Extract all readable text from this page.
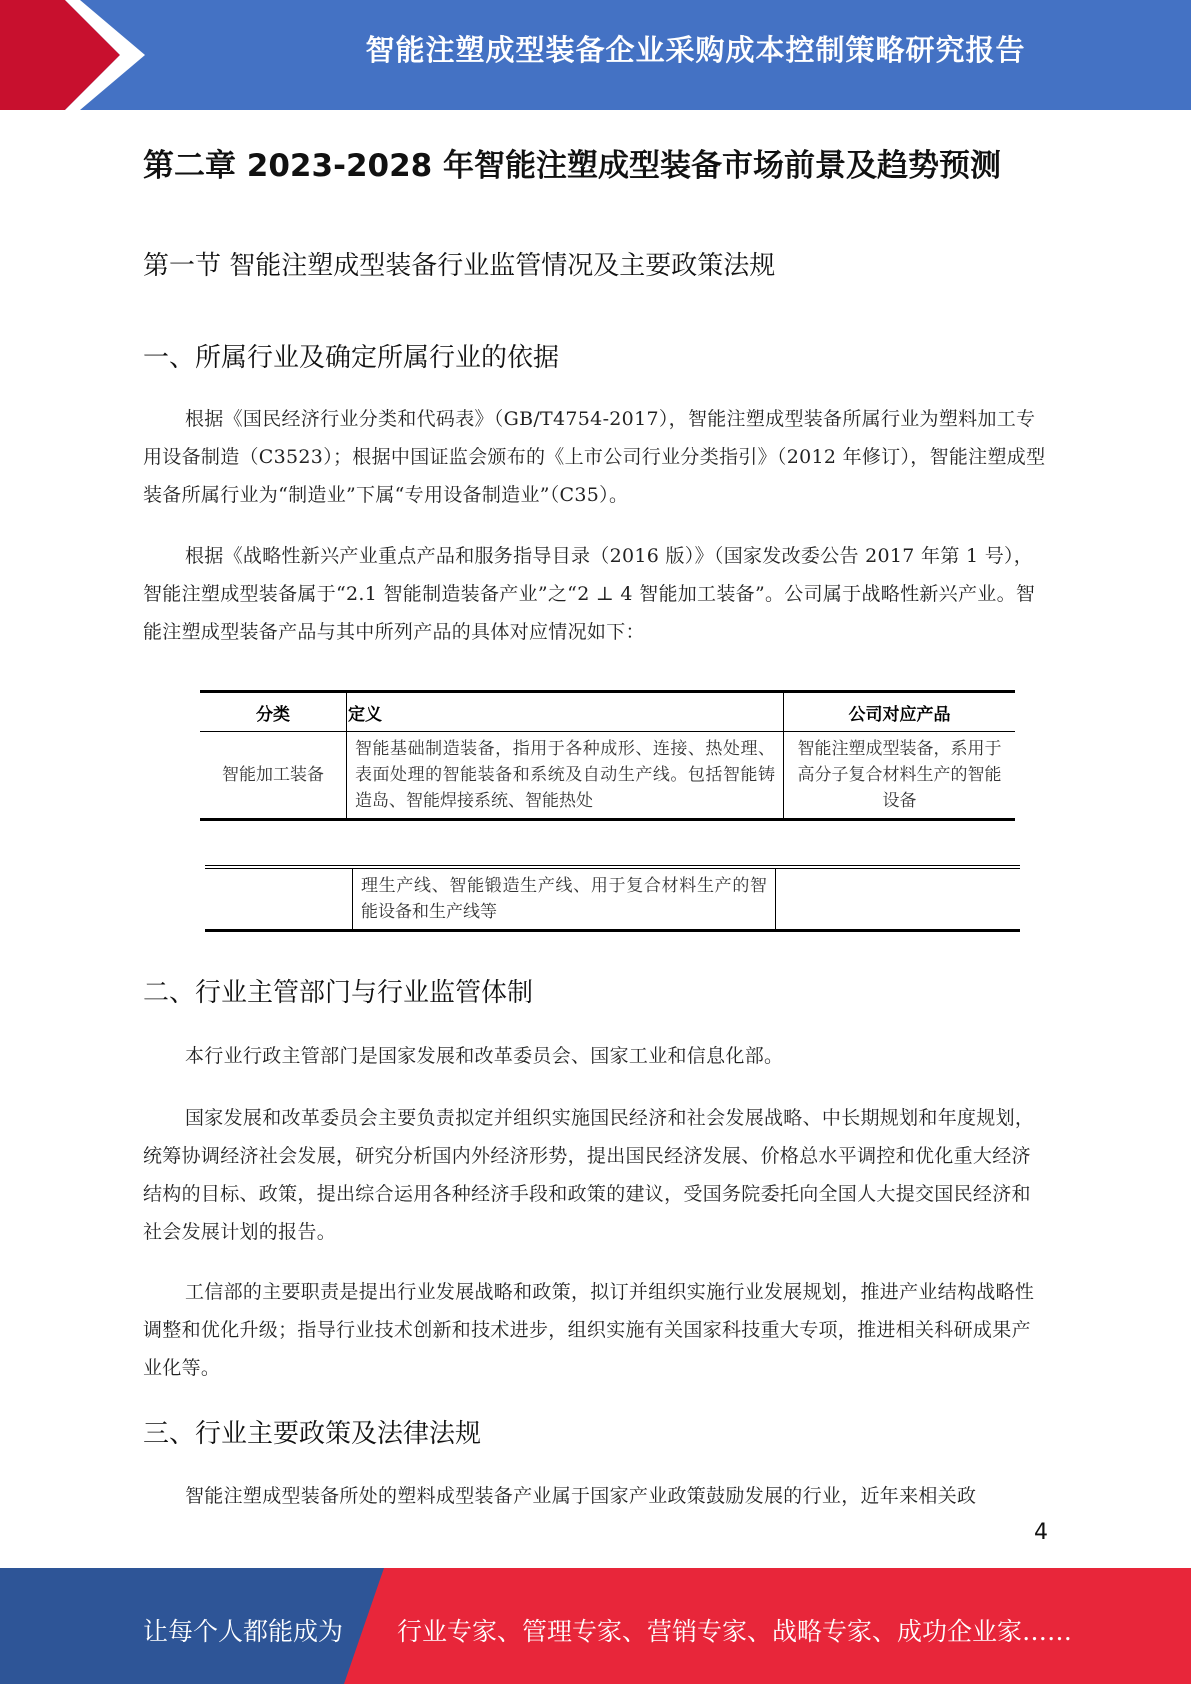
智能注塑成型装备企业采购成本控制策略研究报告
第二章 2023-2028 年智能注塑成型装备市场前景及趋势预测
第一节 智能注塑成型装备行业监管情况及主要政策法规
一、所属行业及确定所属行业的依据

根据《国民经济行业分类和代码表》（GB/T4754-2017），智能注塑成型装备所属行业为塑料加工专用设备制造（C3523）；根据中国证监会颁布的《上市公司行业分类指引》（2012 年修订），智能注塑成型装备所属行业为“制造业”下属“专用设备制造业”（C35）。

根据《战略性新兴产业重点产品和服务指导目录（2016 版）》（国家发改委公告 2017 年第 1 号），智能注塑成型装备属于“2.1 智能制造装备产业”之“2 ⊥ 4 智能加工装备”。公司属于战略性新兴产业。智能注塑成型装备产品与其中所列产品的具体对应情况如下：

分类	定义	公司对应产品
智能加工装备	智能基础制造装备，指用于各种成形、连接、热处理、表面处理的智能装备和系统及自动生产线。包括智能铸造岛、智能焊接系统、智能热处	智能注塑成型装备，系用于高分子复合材料生产的智能设备
	理生产线、智能锻造生产线、用于复合材料生产的智能设备和生产线等	
二、行业主管部门与行业监管体制

本行业行政主管部门是国家发展和改革委员会、国家工业和信息化部。

国家发展和改革委员会主要负责拟定并组织实施国民经济和社会发展战略、中长期规划和年度规划，统筹协调经济社会发展，研究分析国内外经济形势，提出国民经济发展、价格总水平调控和优化重大经济结构的目标、政策，提出综合运用各种经济手段和政策的建议，受国务院委托向全国人大提交国民经济和社会发展计划的报告。

工信部的主要职责是提出行业发展战略和政策，拟订并组织实施行业发展规划，推进产业结构战略性调整和优化升级；指导行业技术创新和技术进步，组织实施有关国家科技重大专项，推进相关科研成果产业化等。

三、行业主要政策及法律法规

智能注塑成型装备所处的塑料成型装备产业属于国家产业政策鼓励发展的行业，近年来相关政

4
让每个人都能成为 行业专家、管理专家、营销专家、战略专家、成功企业家……
